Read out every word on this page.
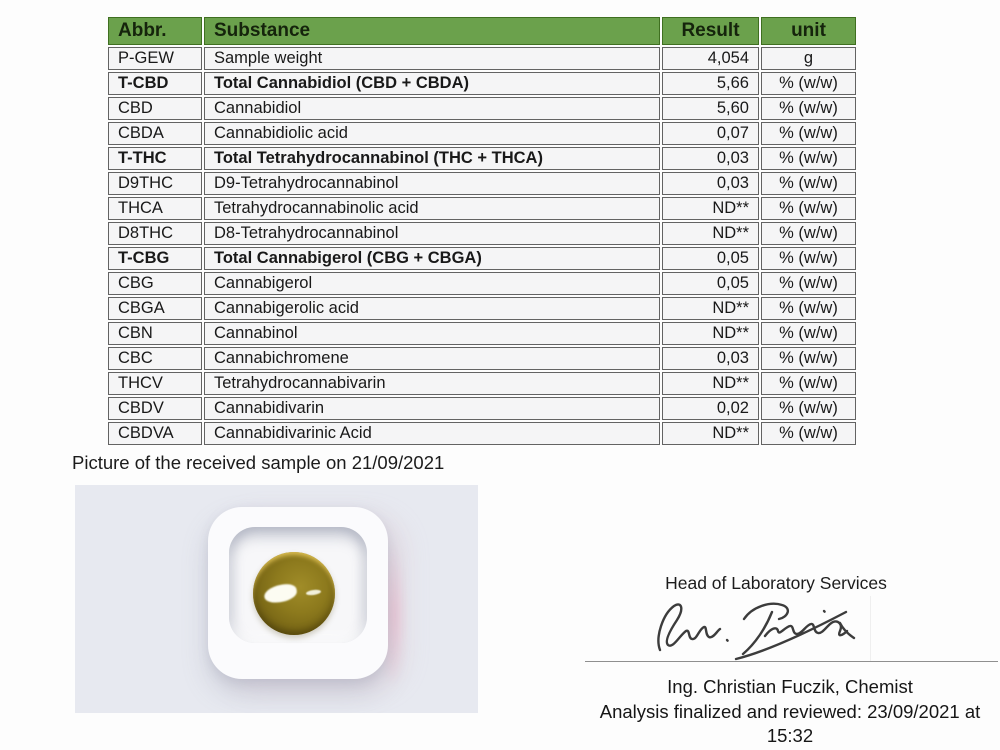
Abbr.	Substance	Result	unit
P-GEW	Sample weight	4,054	g
T-CBD	Total Cannabidiol (CBD + CBDA)	5,66	% (w/w)
CBD	Cannabidiol	5,60	% (w/w)
CBDA	Cannabidiolic acid	0,07	% (w/w)
T-THC	Total Tetrahydrocannabinol (THC + THCA)	0,03	% (w/w)
D9THC	D9-Tetrahydrocannabinol	0,03	% (w/w)
THCA	Tetrahydrocannabinolic acid	ND**	% (w/w)
D8THC	D8-Tetrahydrocannabinol	ND**	% (w/w)
T-CBG	Total Cannabigerol (CBG + CBGA)	0,05	% (w/w)
CBG	Cannabigerol	0,05	% (w/w)
CBGA	Cannabigerolic acid	ND**	% (w/w)
CBN	Cannabinol	ND**	% (w/w)
CBC	Cannabichromene	0,03	% (w/w)
THCV	Tetrahydrocannabivarin	ND**	% (w/w)
CBDV	Cannabidivarin	0,02	% (w/w)
CBDVA	Cannabidivarinic Acid	ND**	% (w/w)
Picture of the received sample on 21/09/2021
Head of Laboratory Services
Ing. Christian Fuczik, Chemist
Analysis finalized and reviewed: 23/09/2021 at
15:32
